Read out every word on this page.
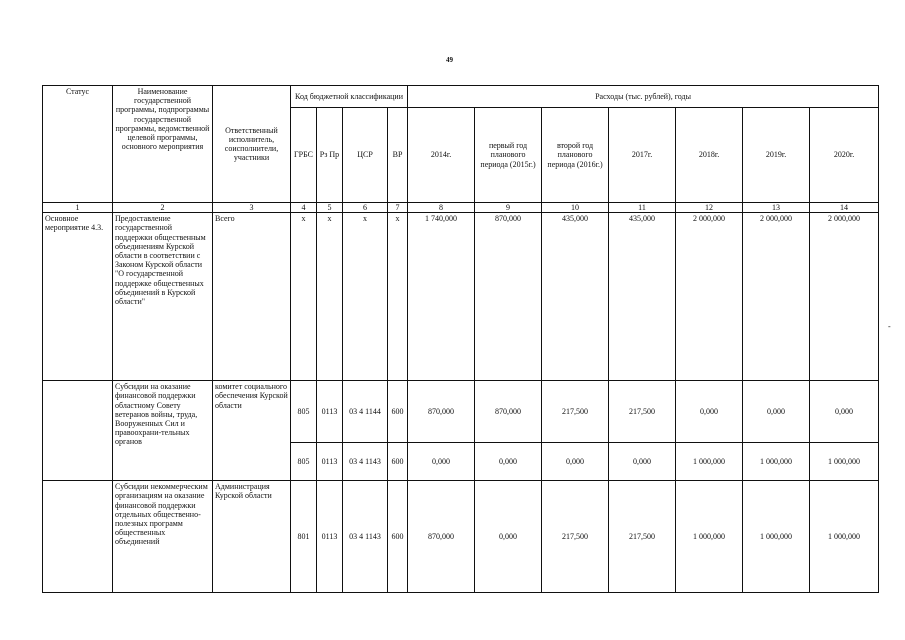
49
Статус	Наименование государственной программы, подпрограммы государственной программы, ведомственной целевой программы, основного мероприятия	Ответственный исполнитель, соисполнители, участники	Код бюджетной классификации				Расходы (тыс. рублей), годы						
			ГРБС	Рз Пр	ЦСР	ВР	2014г.	первый год планового периода (2015г.)	второй год планового периода (2016г.)	2017г.	2018г.	2019г.	2020г.
1	2	3	4	5	6	7	8	9	10	11	12	13	14
Основное мероприятие 4.3.	Предоставление государственной поддержки общественным объединениям Курской области в соответствии с Законом Курской области "О государственной поддержке общественных объединений в Курской области"	Всего	x	x	x	x	1 740,000	870,000	435,000	435,000	2 000,000	2 000,000	2 000,000
	Субсидии на оказание финансовой поддержки областному Совету ветеранов войны, труда, Вооруженных Сил и правоохрани-тельных органов	комитет социального обеспечения Курской области	805	0113	03 4 1144	600	870,000	870,000	217,500	217,500	0,000	0,000	0,000
			805	0113	03 4 1143	600	0,000	0,000	0,000	0,000	1 000,000	1 000,000	1 000,000
	Субсидии некоммерческим организациям на оказание финансовой поддержки отдельных общественно-полезных программ общественных объединений	Администрация Курской области	801	0113	03 4 1143	600	870,000	0,000	217,500	217,500	1 000,000	1 000,000	1 000,000
-
